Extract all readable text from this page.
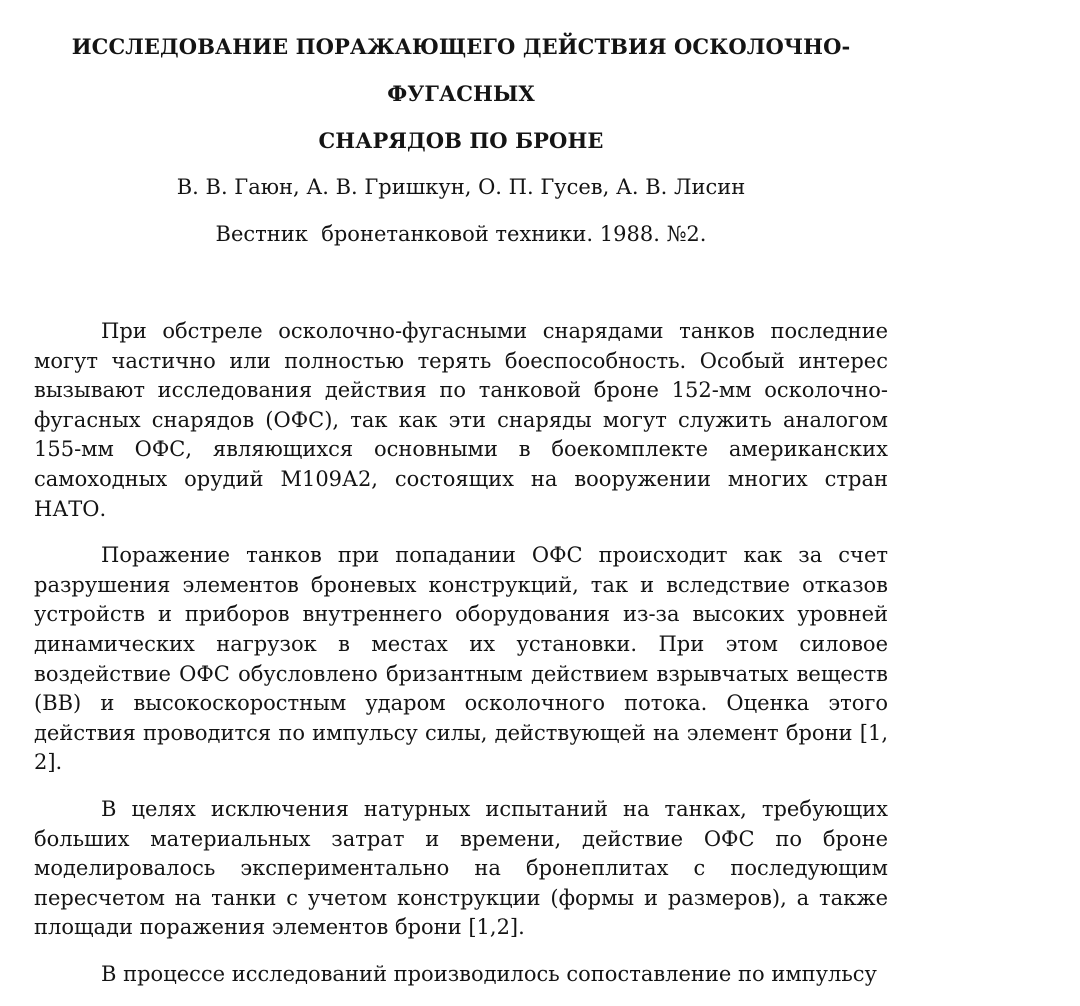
ИССЛЕДОВАНИЕ ПОРАЖАЮЩЕГО ДЕЙСТВИЯ ОСКОЛОЧНО-ФУГАСНЫХ
СНАРЯДОВ ПО БРОНЕ

В. В. Гаюн, А. В. Гришкун, О. П. Гусев, А. В. Лисин

Вестник  бронетанковой техники. 1988. №2.

При обстреле осколочно-фугасными снарядами танков последние могут частично или полностью терять боеспособность. Особый интерес вызывают исследования действия по танковой броне 152-мм осколочно-фугасных снарядов (ОФС), так как эти снаряды могут служить аналогом 155-мм ОФС, являющихся основными в боекомплекте американских самоходных орудий М109А2, состоящих на вооружении многих стран НАТО.

Поражение танков при попадании ОФС происходит как за счет разрушения элементов броневых конструкций, так и вследствие отказов устройств и приборов внутреннего оборудования из-за высоких уровней динамических нагрузок в местах их установки. При этом силовое воздействие ОФС обусловлено бризантным действием взрывчатых веществ (ВВ) и высокоскоростным ударом осколочного потока. Оценка этого действия проводится по импульсу силы, действующей на элемент брони [1, 2].

В целях исключения натурных испытаний на танках, требующих больших материальных затрат и времени, действие ОФС по броне моделировалось экспериментально на бронеплитах с последующим пересчетом на танки с учетом конструкции (формы и размеров), а также площади поражения элементов брони [1,2].

В процессе исследований производилось сопоставление по импульсу
